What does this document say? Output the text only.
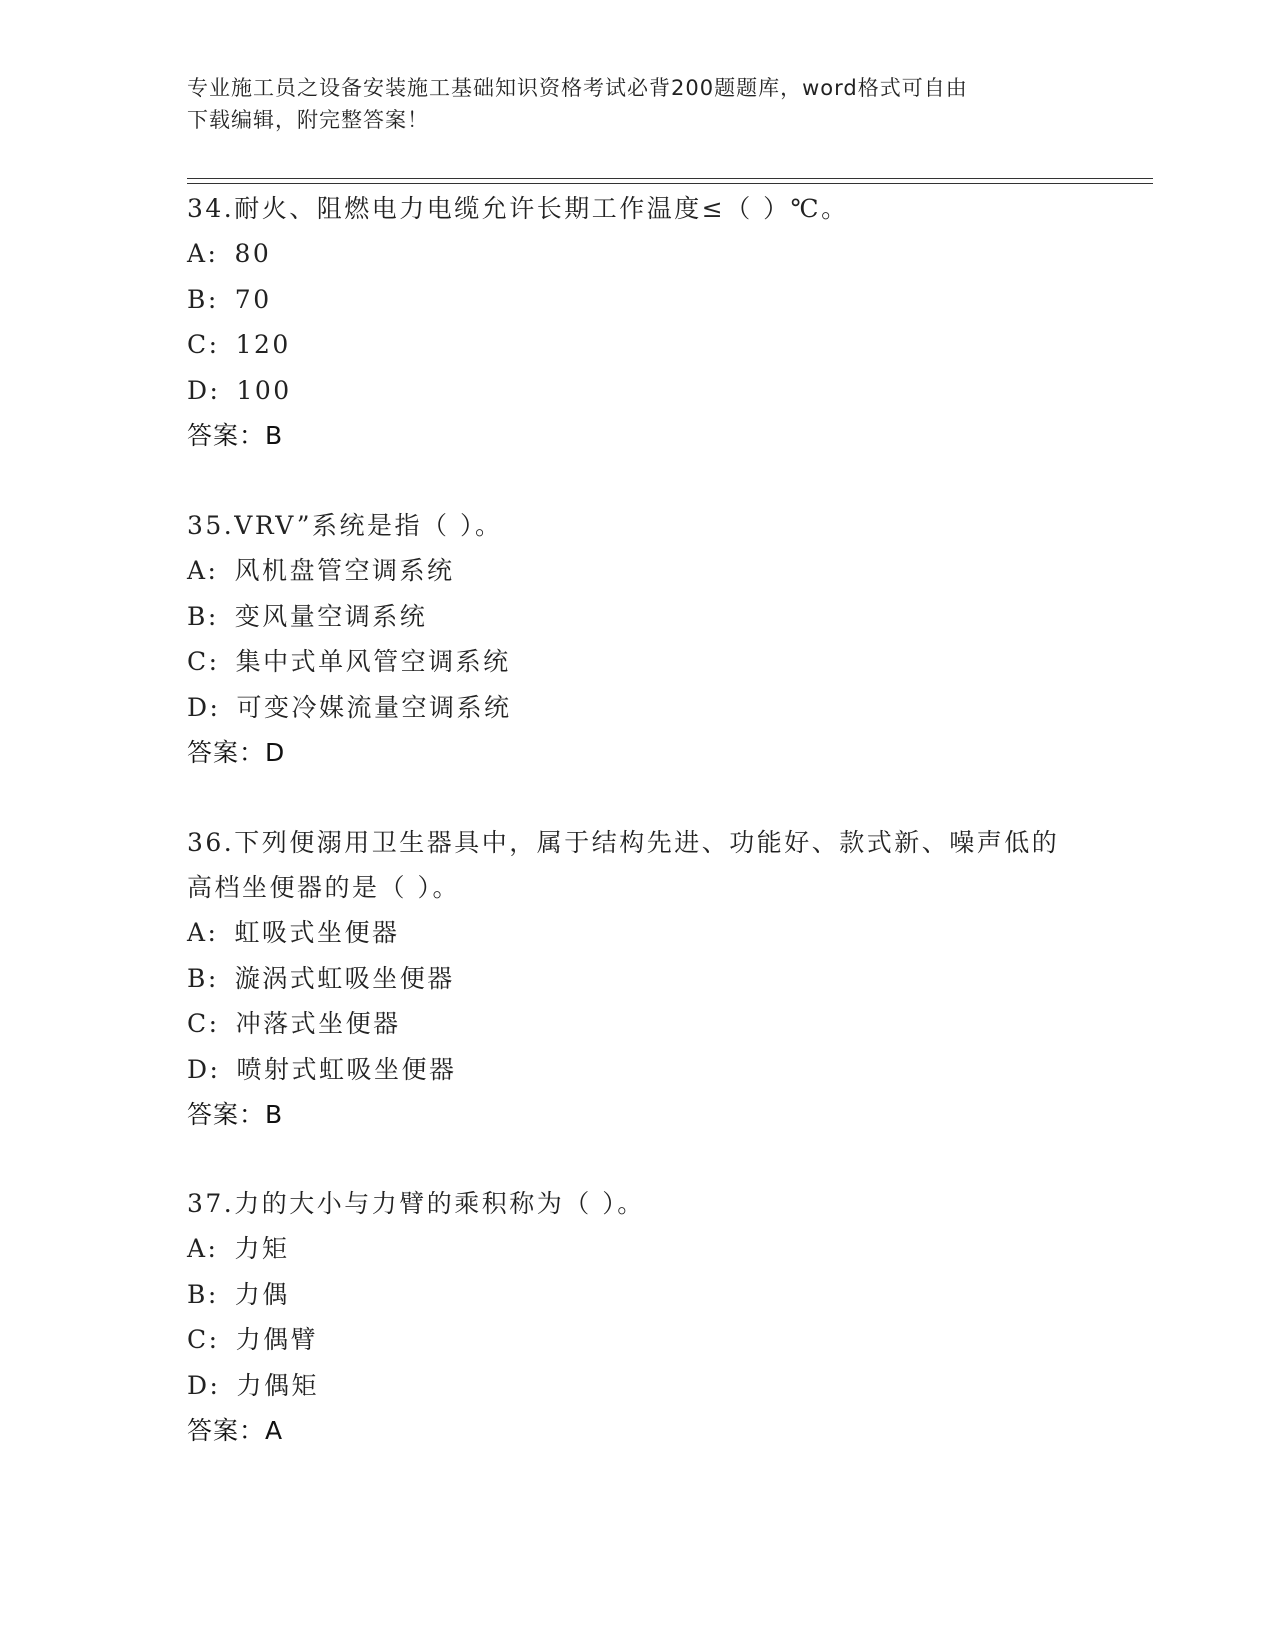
专业施工员之设备安装施工基础知识资格考试必背200题题库，word格式可自由
下载编辑，附完整答案！

34.耐火、阻燃电力电缆允许长期工作温度≤（ ）℃。

A: 80
B: 70
C: 120
D: 100
答案：B

35.VRV”系统是指（ ）。

A: 风机盘管空调系统
B: 变风量空调系统
C: 集中式单风管空调系统
D: 可变冷媒流量空调系统
答案：D

36.下列便溺用卫生器具中，属于结构先进、功能好、款式新、噪声低的高档坐便器的是（ ）。

A: 虹吸式坐便器
B: 漩涡式虹吸坐便器
C: 冲落式坐便器
D: 喷射式虹吸坐便器
答案：B

37.力的大小与力臂的乘积称为（ ）。

A: 力矩
B: 力偶
C: 力偶臂
D: 力偶矩
答案：A
